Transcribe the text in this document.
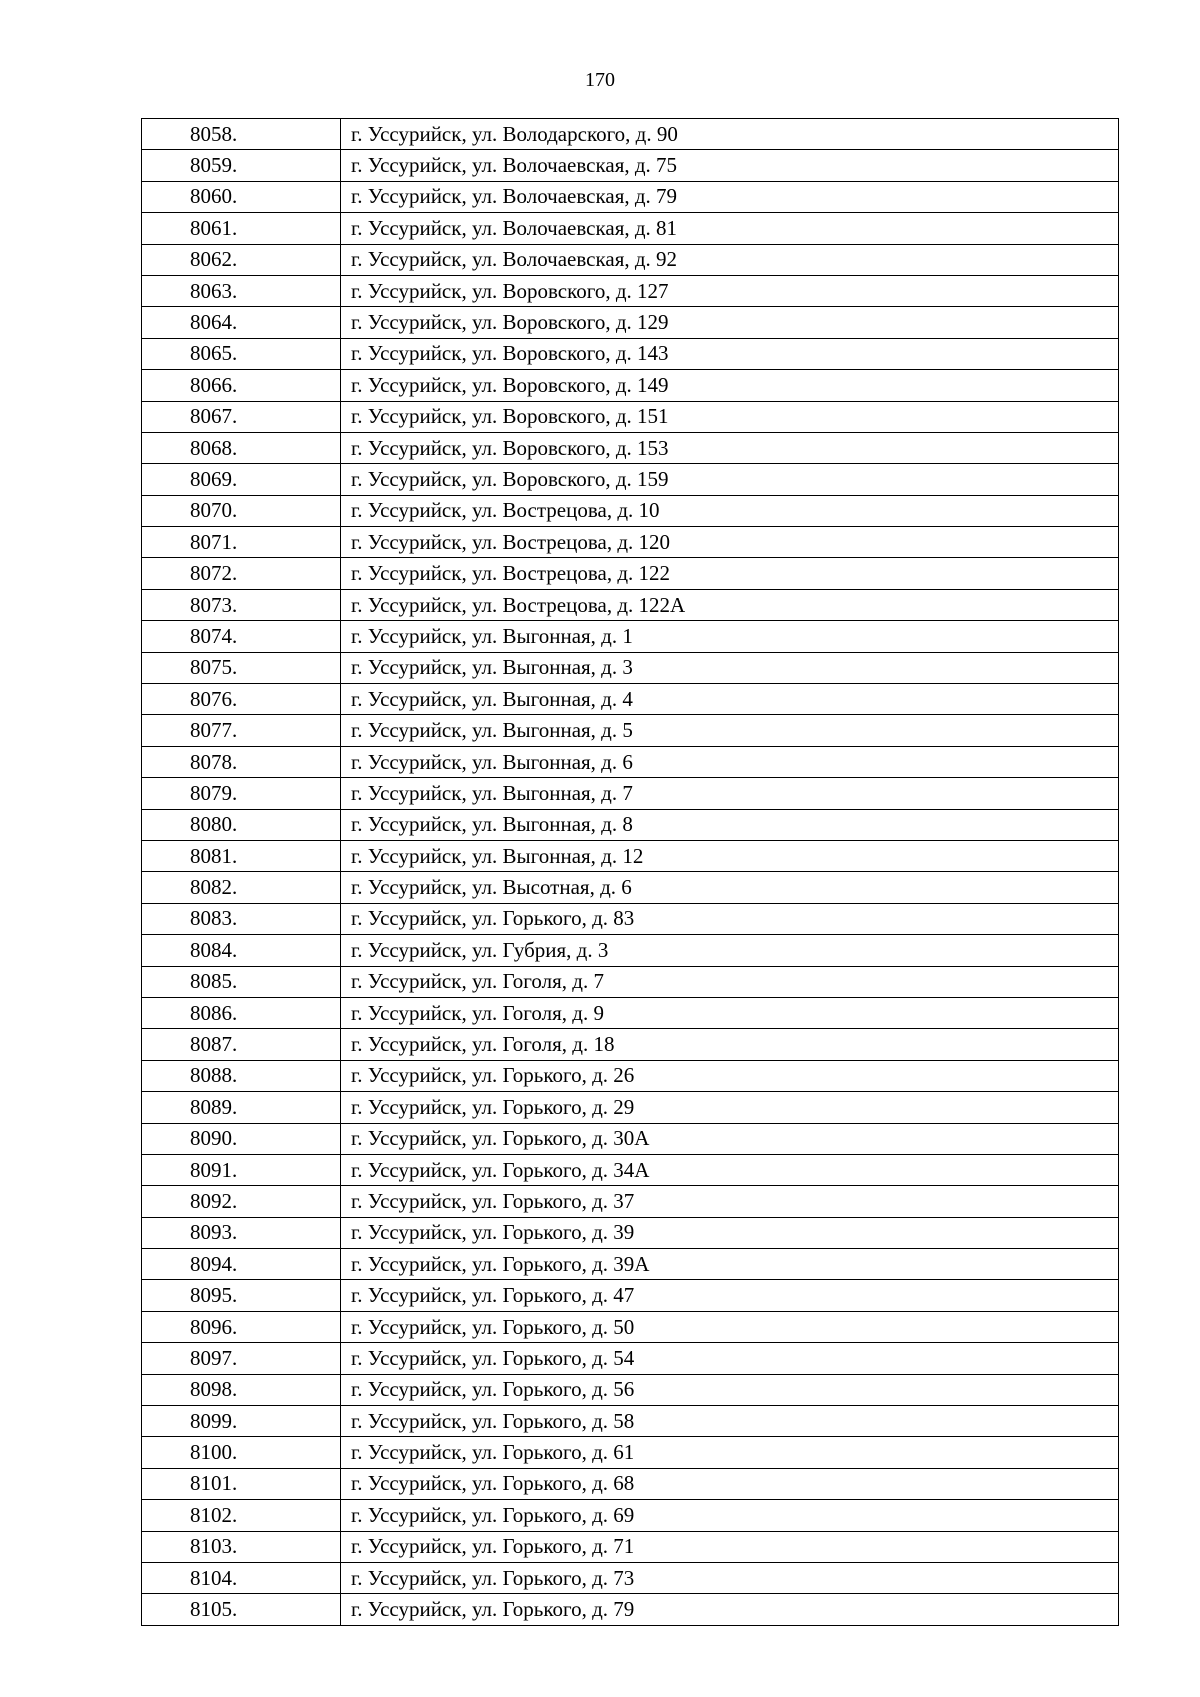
170
8058.	г. Уссурийск, ул. Володарского, д. 90
8059.	г. Уссурийск, ул. Волочаевская, д. 75
8060.	г. Уссурийск, ул. Волочаевская, д. 79
8061.	г. Уссурийск, ул. Волочаевская, д. 81
8062.	г. Уссурийск, ул. Волочаевская, д. 92
8063.	г. Уссурийск, ул. Воровского, д. 127
8064.	г. Уссурийск, ул. Воровского, д. 129
8065.	г. Уссурийск, ул. Воровского, д. 143
8066.	г. Уссурийск, ул. Воровского, д. 149
8067.	г. Уссурийск, ул. Воровского, д. 151
8068.	г. Уссурийск, ул. Воровского, д. 153
8069.	г. Уссурийск, ул. Воровского, д. 159
8070.	г. Уссурийск, ул. Вострецова, д. 10
8071.	г. Уссурийск, ул. Вострецова, д. 120
8072.	г. Уссурийск, ул. Вострецова, д. 122
8073.	г. Уссурийск, ул. Вострецова, д. 122А
8074.	г. Уссурийск, ул. Выгонная, д. 1
8075.	г. Уссурийск, ул. Выгонная, д. 3
8076.	г. Уссурийск, ул. Выгонная, д. 4
8077.	г. Уссурийск, ул. Выгонная, д. 5
8078.	г. Уссурийск, ул. Выгонная, д. 6
8079.	г. Уссурийск, ул. Выгонная, д. 7
8080.	г. Уссурийск, ул. Выгонная, д. 8
8081.	г. Уссурийск, ул. Выгонная, д. 12
8082.	г. Уссурийск, ул. Высотная, д. 6
8083.	г. Уссурийск, ул. Горького, д. 83
8084.	г. Уссурийск, ул. Губрия, д. 3
8085.	г. Уссурийск, ул. Гоголя, д. 7
8086.	г. Уссурийск, ул. Гоголя, д. 9
8087.	г. Уссурийск, ул. Гоголя, д. 18
8088.	г. Уссурийск, ул. Горького, д. 26
8089.	г. Уссурийск, ул. Горького, д. 29
8090.	г. Уссурийск, ул. Горького, д. 30А
8091.	г. Уссурийск, ул. Горького, д. 34А
8092.	г. Уссурийск, ул. Горького, д. 37
8093.	г. Уссурийск, ул. Горького, д. 39
8094.	г. Уссурийск, ул. Горького, д. 39А
8095.	г. Уссурийск, ул. Горького, д. 47
8096.	г. Уссурийск, ул. Горького, д. 50
8097.	г. Уссурийск, ул. Горького, д. 54
8098.	г. Уссурийск, ул. Горького, д. 56
8099.	г. Уссурийск, ул. Горького, д. 58
8100.	г. Уссурийск, ул. Горького, д. 61
8101.	г. Уссурийск, ул. Горького, д. 68
8102.	г. Уссурийск, ул. Горького, д. 69
8103.	г. Уссурийск, ул. Горького, д. 71
8104.	г. Уссурийск, ул. Горького, д. 73
8105.	г. Уссурийск, ул. Горького, д. 79
